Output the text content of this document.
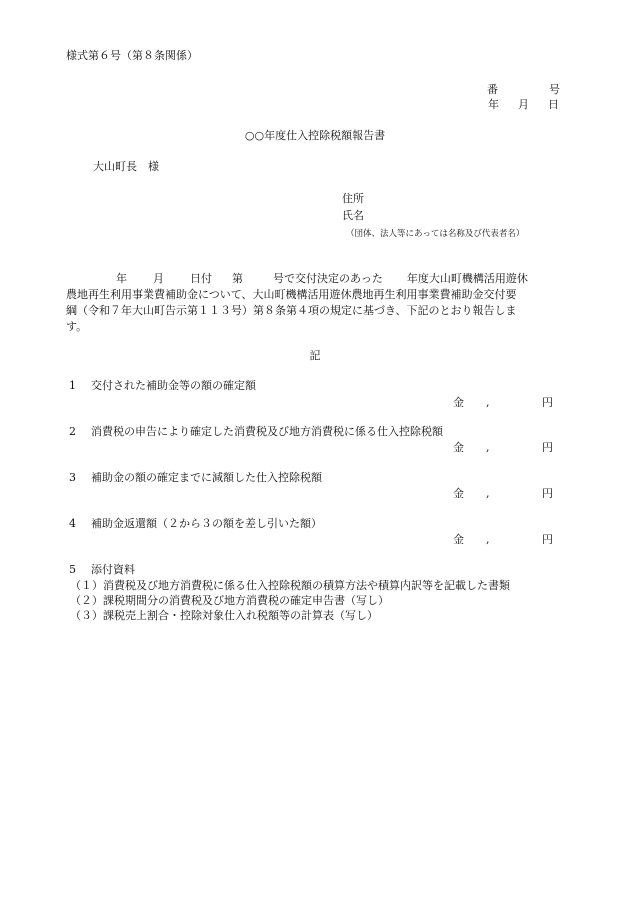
様式第６号（第８条関係）
番	号
年 月 日
○○年度仕入控除税額報告書
大山町長　様
住所
氏名
（団体、法人等にあっては名称及び代表者名）
年 月 日付 第	号で交付決定のあった 年度大山町機構活用遊休
農地再生利用事業費補助金について、大山町機構活用遊休農地再生利用事業費補助金交付要
綱（令和７年大山町告示第１１３号）第８条第４項の規定に基づき、下記のとおり報告しま
す。
記
1 交付された補助金等の額の確定額
金 ,	円
2 消費税の申告により確定した消費税及び地方消費税に係る仕入控除税額
金 ,	円
3 補助金の額の確定までに減額した仕入控除税額
金 ,	円
4 補助金返還額（２から３の額を差し引いた額）
金 ,	円
5 添付資料
（１）消費税及び地方消費税に係る仕入控除税額の積算方法や積算内訳等を記載した書類
（２）課税期間分の消費税及び地方消費税の確定申告書（写し）
（３）課税売上割合・控除対象仕入れ税額等の計算表（写し）
